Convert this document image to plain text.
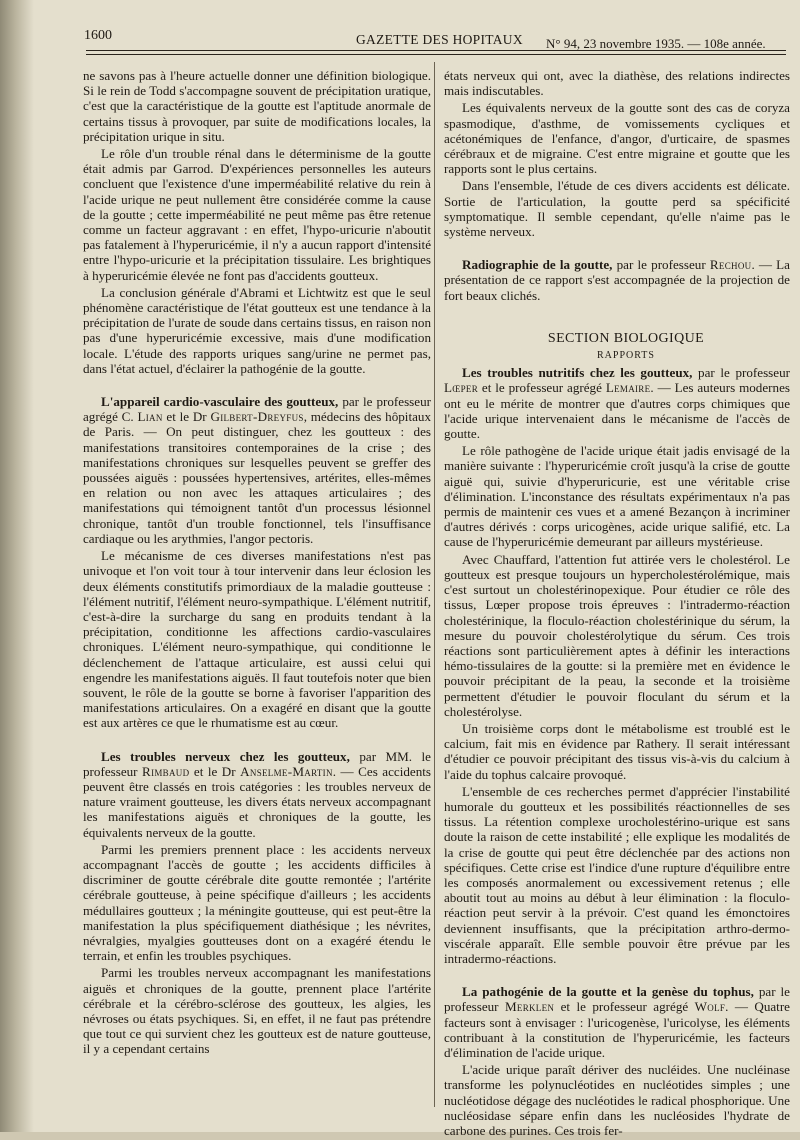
1600	GAZETTE DES HOPITAUX N° 94, 23 novembre 1935. — 108e année.

ne savons pas à l'heure actuelle donner une définition biologique. Si le rein de Todd s'accompagne souvent de précipitation uratique, c'est que la caractéristique de la goutte est l'aptitude anormale de certains tissus à provoquer, par suite de modifications locales, la précipitation urique in situ.

Le rôle d'un trouble rénal dans le déterminisme de la goutte était admis par Garrod. D'expériences personnelles les auteurs concluent que l'existence d'une imperméabilité relative du rein à l'acide urique ne peut nullement être considérée comme la cause de la goutte ; cette imperméabilité ne peut même pas être retenue comme un facteur aggravant : en effet, l'hypo-uricurie n'aboutit pas fatalement à l'hyperuricémie, il n'y a aucun rapport d'intensité entre l'hypo-uricurie et la précipitation tissulaire. Les brightiques à hyperuricémie élevée ne font pas d'accidents goutteux.

La conclusion générale d'Abrami et Lichtwitz est que le seul phénomène caractéristique de l'état goutteux est une tendance à la précipitation de l'urate de soude dans certains tissus, en raison non pas d'une hyperuricémie excessive, mais d'une modification locale. L'étude des rapports uriques sang/urine ne permet pas, dans l'état actuel, d'éclairer la pathogénie de la goutte.

L'appareil cardio-vasculaire des goutteux, par le professeur agrégé C. Lian et le Dr Gilbert-Dreyfus, médecins des hôpitaux de Paris. — On peut distinguer, chez les goutteux : des manifestations transitoires contemporaines de la crise ; des manifestations chroniques sur lesquelles peuvent se greffer des poussées aiguës : poussées hypertensives, artérites, elles-mêmes en relation ou non avec les attaques articulaires ; des manifestations qui témoignent tantôt d'un processus lésionnel chronique, tantôt d'un trouble fonctionnel, tels l'insuffisance cardiaque ou les arythmies, l'angor pectoris.

Le mécanisme de ces diverses manifestations n'est pas univoque et l'on voit tour à tour intervenir dans leur éclosion les deux éléments constitutifs primordiaux de la maladie goutteuse : l'élément nutritif, l'élément neuro-sympathique. L'élément nutritif, c'est-à-dire la surcharge du sang en produits tendant à la précipitation, conditionne les affections cardio-vasculaires chroniques. L'élément neuro-sympathique, qui conditionne le déclenchement de l'attaque articulaire, est aussi celui qui engendre les manifestations aiguës. Il faut toutefois noter que bien souvent, le rôle de la goutte se borne à favoriser l'apparition des manifestations articulaires. On a exagéré en disant que la goutte est aux artères ce que le rhumatisme est au cœur.

Les troubles nerveux chez les goutteux, par MM. le professeur Rimbaud et le Dr Anselme-Martin. — Ces accidents peuvent être classés en trois catégories : les troubles nerveux de nature vraiment goutteuse, les divers états nerveux accompagnant les manifestations aiguës et chroniques de la goutte, les équivalents nerveux de la goutte.

Parmi les premiers prennent place : les accidents nerveux accompagnant l'accès de goutte ; les accidents difficiles à discriminer de goutte cérébrale dite goutte remontée ; l'artérite cérébrale goutteuse, à peine spécifique d'ailleurs ; les accidents médullaires goutteux ; la méningite goutteuse, qui est peut-être la manifestation la plus spécifiquement diathésique ; les névrites, névralgies, myalgies goutteuses dont on a exagéré étendu le terrain, et enfin les troubles psychiques.

Parmi les troubles nerveux accompagnant les manifestations aiguës et chroniques de la goutte, prennent place l'artérite cérébrale et la cérébro-sclérose des goutteux, les algies, les névroses ou états psychiques. Si, en effet, il ne faut pas prétendre que tout ce qui survient chez les goutteux est de nature goutteuse, il y a cependant certains

états nerveux qui ont, avec la diathèse, des relations indirectes mais indiscutables.

Les équivalents nerveux de la goutte sont des cas de coryza spasmodique, d'asthme, de vomissements cycliques et acétonémiques de l'enfance, d'angor, d'urticaire, de spasmes cérébraux et de migraine. C'est entre migraine et goutte que les rapports sont le plus certains.

Dans l'ensemble, l'étude de ces divers accidents est délicate. Sortie de l'articulation, la goutte perd sa spécificité symptomatique. Il semble cependant, qu'elle n'aime pas le système nerveux.

Radiographie de la goutte, par le professeur Rechou. — La présentation de ce rapport s'est accompagnée de la projection de fort beaux clichés.

SECTION BIOLOGIQUE

RAPPORTS

Les troubles nutritifs chez les goutteux, par le professeur Lœper et le professeur agrégé Lemaire. — Les auteurs modernes ont eu le mérite de montrer que d'autres corps chimiques que l'acide urique intervenaient dans le mécanisme de l'accès de goutte.

Le rôle pathogène de l'acide urique était jadis envisagé de la manière suivante : l'hyperuricémie croît jusqu'à la crise de goutte aiguë qui, suivie d'hyperuricurie, est une véritable crise d'élimination. L'inconstance des résultats expérimentaux n'a pas permis de maintenir ces vues et a amené Bezançon à incriminer d'autres dérivés : corps uricogènes, acide urique salifié, etc. La cause de l'hyperuricémie demeurant par ailleurs mystérieuse.

Avec Chauffard, l'attention fut attirée vers le cholestérol. Le goutteux est presque toujours un hypercholestérolémique, mais c'est surtout un cholestérinopexique. Pour étudier ce rôle des tissus, Lœper propose trois épreuves : l'intradermo-réaction cholestérinique, la floculo-réaction cholestérinique du sérum, la mesure du pouvoir cholestérolytique du sérum. Ces trois réactions sont particulièrement aptes à définir les interactions hémo-tissulaires de la goutte: si la première met en évidence le pouvoir précipitant de la peau, la seconde et la troisième permettent d'étudier le pouvoir floculant du sérum et la cholestérolyse.

Un troisième corps dont le métabolisme est troublé est le calcium, fait mis en évidence par Rathery. Il serait intéressant d'étudier ce pouvoir précipitant des tissus vis-à-vis du calcium à l'aide du tophus calcaire provoqué.

L'ensemble de ces recherches permet d'apprécier l'instabilité humorale du goutteux et les possibilités réactionnelles de ses tissus. La rétention complexe urocholestérino-urique est sans doute la raison de cette instabilité ; elle explique les modalités de la crise de goutte qui peut être déclenchée par des actions non spécifiques. Cette crise est l'indice d'une rupture d'équilibre entre les composés anormalement ou excessivement retenus ; elle aboutit tout au moins au début à leur élimination : la floculo-réaction peut servir à la prévoir. C'est quand les émonctoires deviennent insuffisants, que la précipitation arthro-dermo-viscérale apparaît. Elle semble pouvoir être prévue par les intradermo-réactions.

La pathogénie de la goutte et la genèse du tophus, par le professeur Merklen et le professeur agrégé Wolf. — Quatre facteurs sont à envisager : l'uricogenèse, l'uricolyse, les éléments contribuant à la constitution de l'hyperuricémie, les facteurs d'élimination de l'acide urique.

L'acide urique paraît dériver des nucléides. Une nucléinase transforme les polynucléotides en nucléotides simples ; une nucléotidose dégage des nucléotides le radical phosphorique. Une nucléosidase sépare enfin dans les nucléosides l'hydrate de carbone des purines. Ces trois fer-
